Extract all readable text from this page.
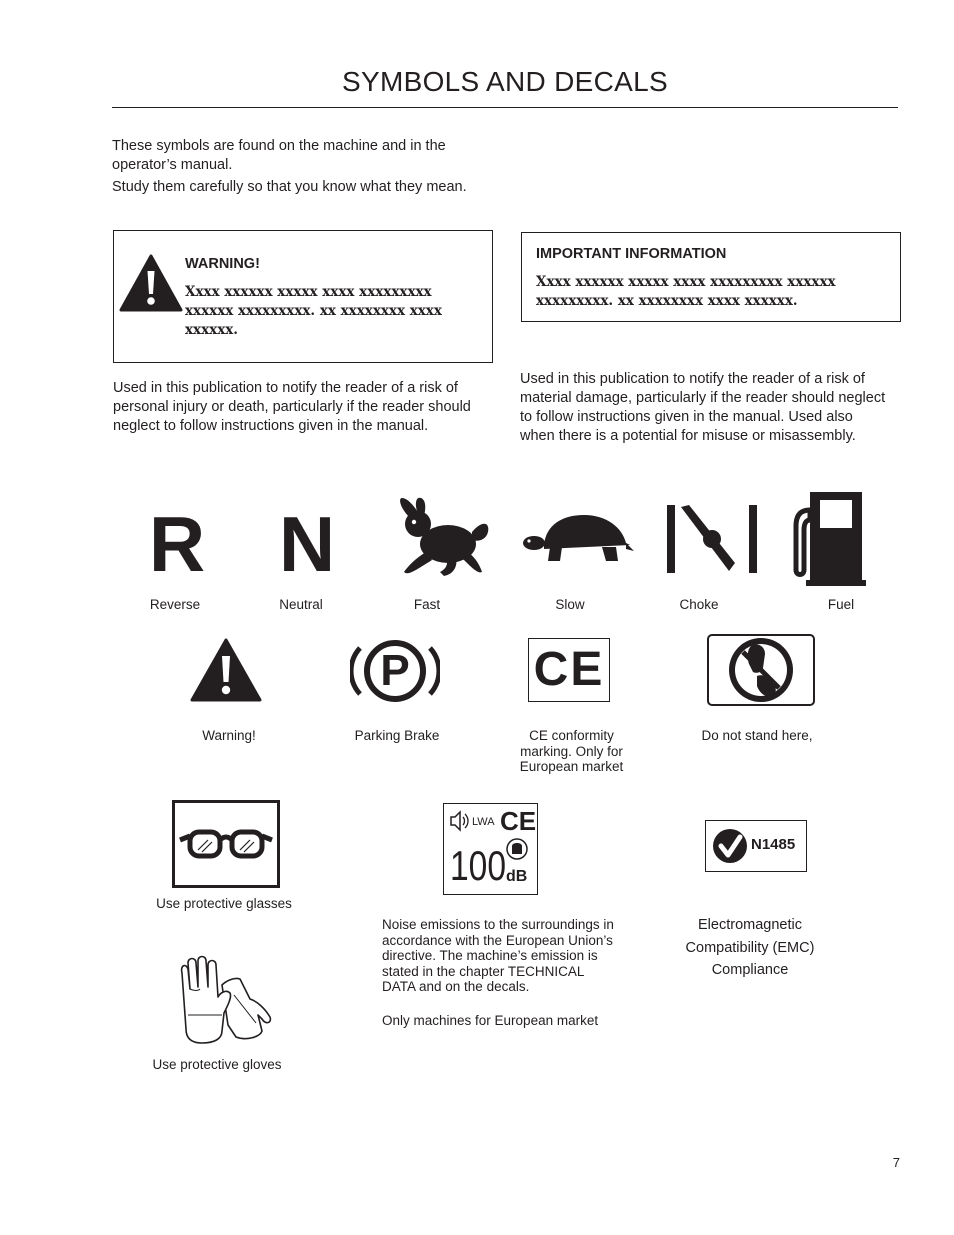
SYMBOLS AND DECALS
These symbols are found on the machine and in the operator’s manual.
Study them carefully so that you know what they mean.
WARNING!
Xxxx xxxxxx xxxxx xxxx xxxxxxxxx xxxxxx xxxxxxxxx. xx xxxxxxxx xxxx xxxxxx.
Used in this publication to notify the reader of a risk of personal injury or death, particularly if the reader should neglect to follow instructions given in the manual.
IMPORTANT INFORMATION
Xxxx xxxxxx xxxxx xxxx xxxxxxxxx xxxxxx xxxxxxxxx. xx xxxxxxxx xxxx xxxxxx.
Used in this publication to notify the reader of a risk of material damage, particularly if the reader should neglect to follow instructions given in the manual. Used also when there is a potential for misuse or misassembly.
R
Reverse
N
Neutral	Fast	Slow	Choke	Fuel
Warning!
P
Parking Brake
CE
CE conformity marking. Only for European market
Do not stand here,
Use protective glasses
LWA CE
100 dB
Noise emissions to the surroundings in accordance with the European Union’s directive. The machine’s emission is stated in the chapter TECHNICAL DATA and on the decals.
Only machines for European market
N1485
Electromagnetic Compatibility (EMC) Compliance
Use protective gloves
7
